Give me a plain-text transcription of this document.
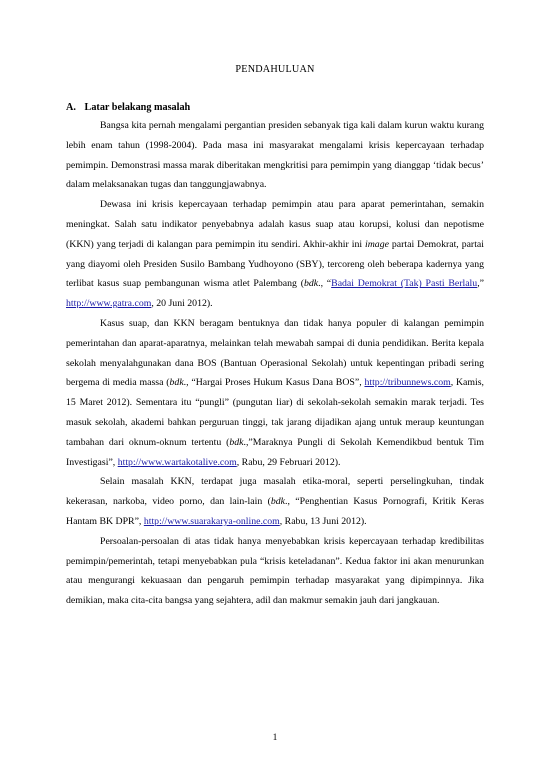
PENDAHULUAN
A. Latar belakang masalah

Bangsa kita pernah mengalami pergantian presiden sebanyak tiga kali dalam kurun waktu kurang lebih enam tahun (1998-2004). Pada masa ini masyarakat mengalami krisis kepercayaan terhadap pemimpin. Demonstrasi massa marak diberitakan mengkritisi para pemimpin yang dianggap ‘tidak becus’ dalam melaksanakan tugas dan tanggungjawabnya.

Dewasa ini krisis kepercayaan terhadap pemimpin atau para aparat pemerintahan, semakin meningkat. Salah satu indikator penyebabnya adalah kasus suap atau korupsi, kolusi dan nepotisme (KKN) yang terjadi di kalangan para pemimpin itu sendiri. Akhir-akhir ini image partai Demokrat, partai yang diayomi oleh Presiden Susilo Bambang Yudhoyono (SBY), tercoreng oleh beberapa kadernya yang terlibat kasus suap pembangunan wisma atlet Palembang (bdk., “Badai Demokrat (Tak) Pasti Berlalu,” http://www.gatra.com, 20 Juni 2012).

Kasus suap, dan KKN beragam bentuknya dan tidak hanya populer di kalangan pemimpin pemerintahan dan aparat-aparatnya, melainkan telah mewabah sampai di dunia pendidikan. Berita kepala sekolah menyalahgunakan dana BOS (Bantuan Operasional Sekolah) untuk kepentingan pribadi sering bergema di media massa (bdk., “Hargai Proses Hukum Kasus Dana BOS”, http://tribunnews.com, Kamis, 15 Maret 2012). Sementara itu “pungli” (pungutan liar) di sekolah-sekolah semakin marak terjadi. Tes masuk sekolah, akademi bahkan perguruan tinggi, tak jarang dijadikan ajang untuk meraup keuntungan tambahan dari oknum-oknum tertentu (bdk.,”Maraknya Pungli di Sekolah Kemendikbud bentuk Tim Investigasi”, http://www.wartakotalive.com, Rabu, 29 Februari 2012).

Selain masalah KKN, terdapat juga masalah etika-moral, seperti perselingkuhan, tindak kekerasan, narkoba, video porno, dan lain-lain (bdk., “Penghentian Kasus Pornografi, Kritik Keras Hantam BK DPR”, http://www.suarakarya-online.com, Rabu, 13 Juni 2012).

Persoalan-persoalan di atas tidak hanya menyebabkan krisis kepercayaan terhadap kredibilitas pemimpin/pemerintah, tetapi menyebabkan pula “krisis keteladanan”. Kedua faktor ini akan menurunkan atau mengurangi kekuasaan dan pengaruh pemimpin terhadap masyarakat yang dipimpinnya. Jika demikian, maka cita-cita bangsa yang sejahtera, adil dan makmur semakin jauh dari jangkauan.

1
